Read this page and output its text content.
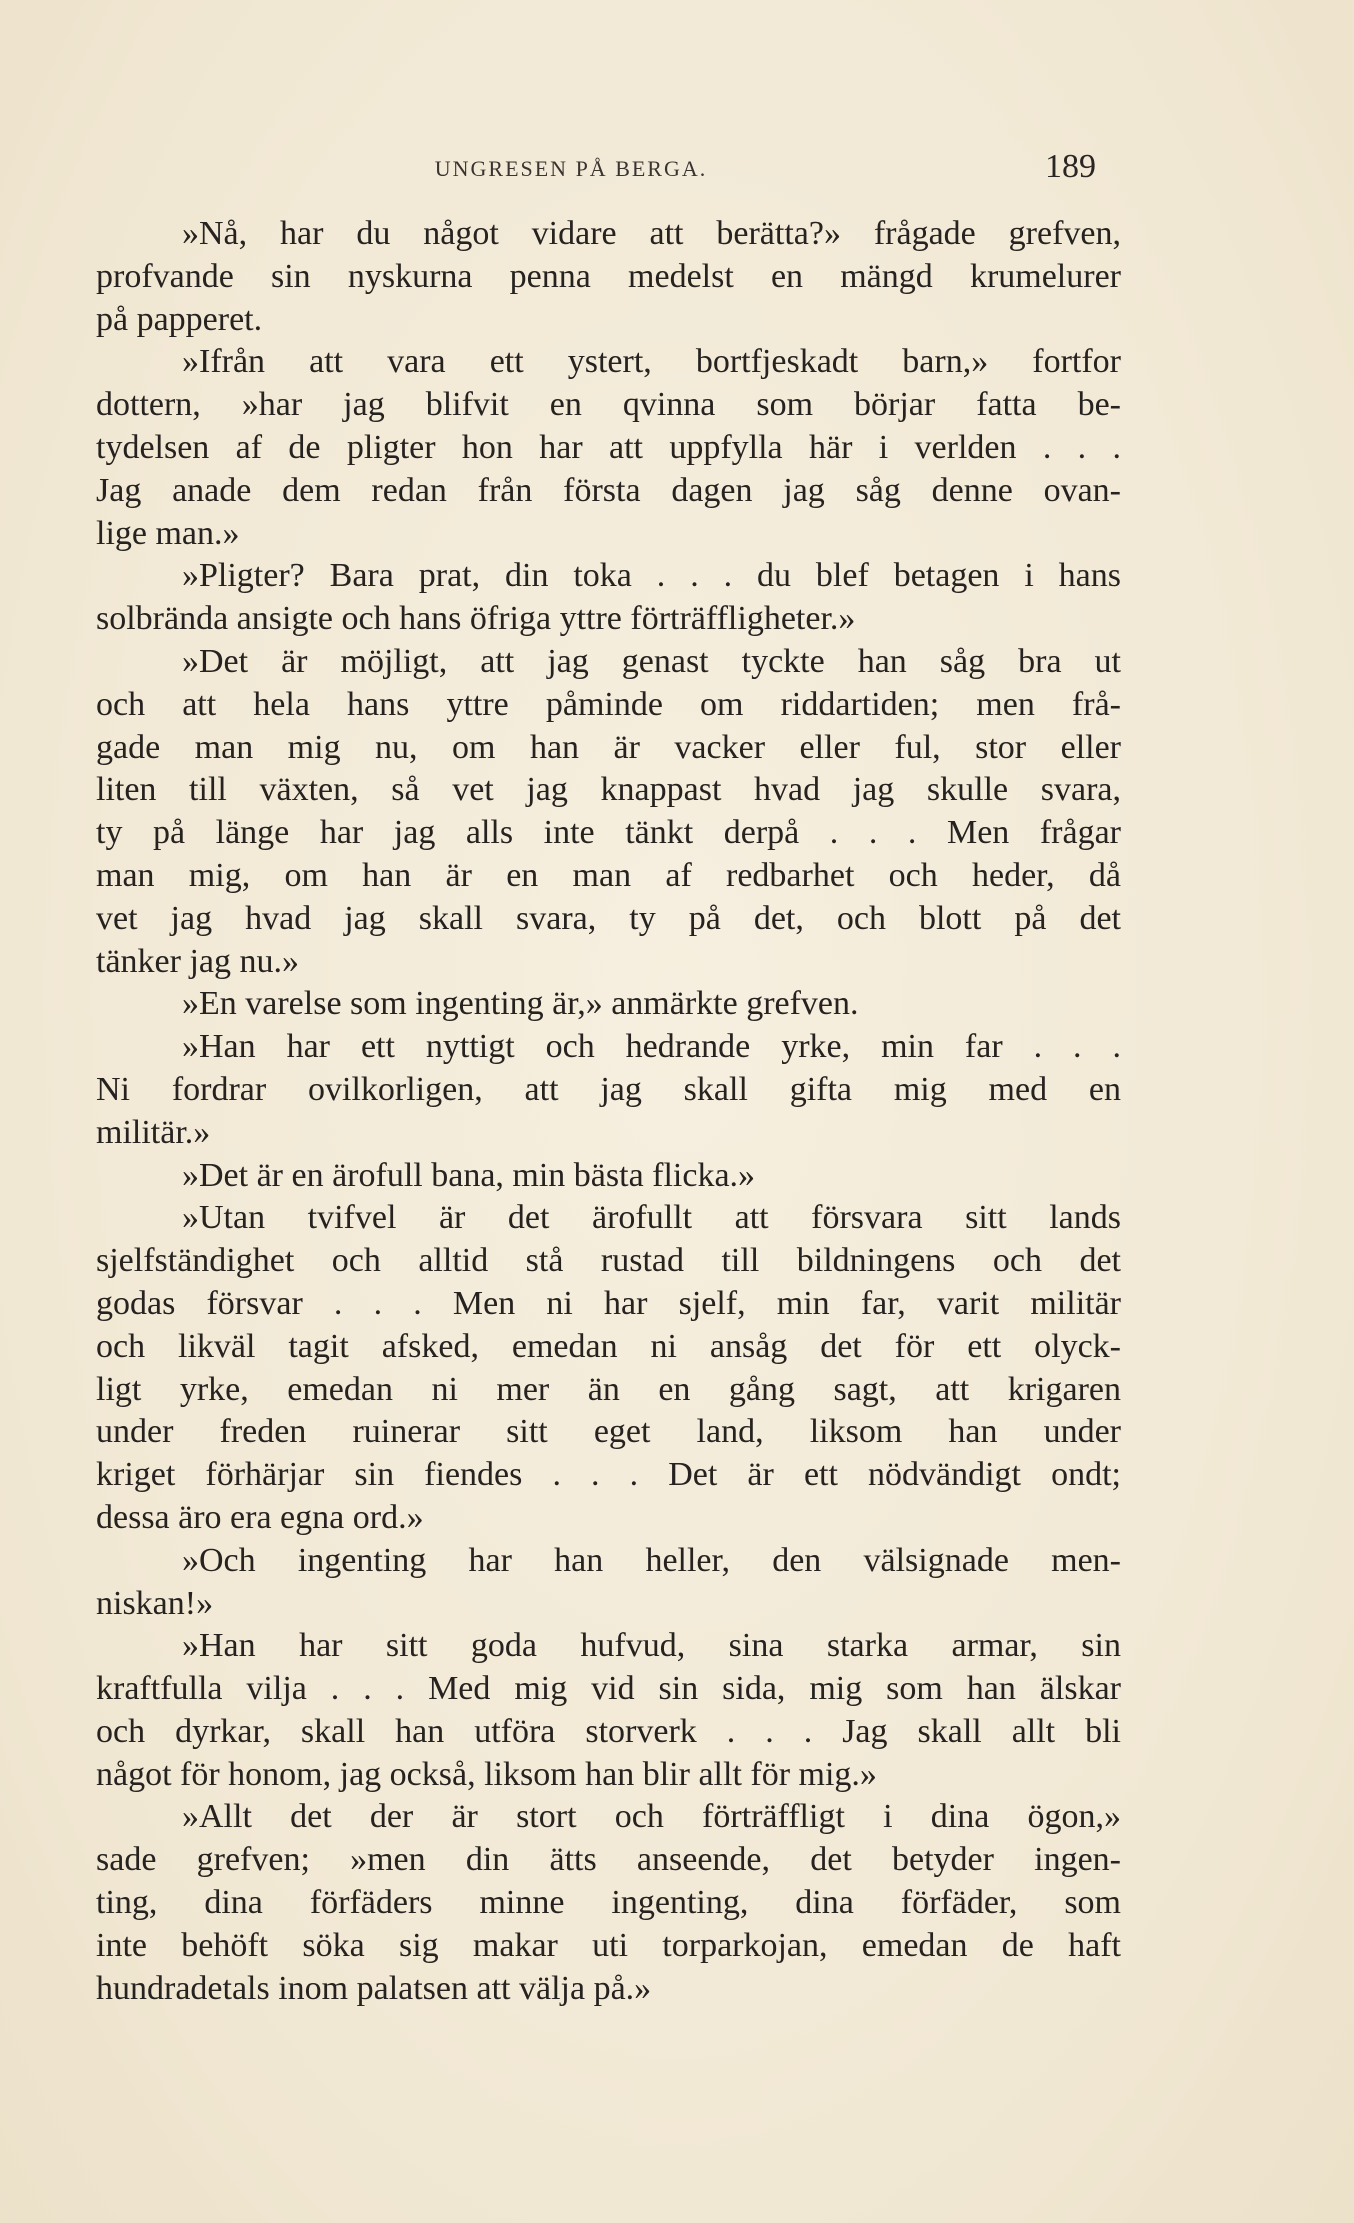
UNGRESEN PÅ BERGA.	189
»Nå, har du något vidare att berätta?» frågade grefven,
profvande sin nyskurna penna medelst en mängd krumelurer
på papperet.
»Ifrån att vara ett ystert, bortfjeskadt barn,» fortfor
dottern, »har jag blifvit en qvinna som börjar fatta be-
tydelsen af de pligter hon har att uppfylla här i verlden . . .
Jag anade dem redan från första dagen jag såg denne ovan-
lige man.»
»Pligter? Bara prat, din toka . . . du blef betagen i hans
solbrända ansigte och hans öfriga yttre förträffligheter.»
»Det är möjligt, att jag genast tyckte han såg bra ut
och att hela hans yttre påminde om riddartiden; men frå-
gade man mig nu, om han är vacker eller ful, stor eller
liten till växten, så vet jag knappast hvad jag skulle svara,
ty på länge har jag alls inte tänkt derpå . . . Men frågar
man mig, om han är en man af redbarhet och heder, då
vet jag hvad jag skall svara, ty på det, och blott på det
tänker jag nu.»
»En varelse som ingenting är,» anmärkte grefven.
»Han har ett nyttigt och hedrande yrke, min far . . .
Ni fordrar ovilkorligen, att jag skall gifta mig med en
militär.»
»Det är en ärofull bana, min bästa flicka.»
»Utan tvifvel är det ärofullt att försvara sitt lands
sjelfständighet och alltid stå rustad till bildningens och det
godas försvar . . . Men ni har sjelf, min far, varit militär
och likväl tagit afsked, emedan ni ansåg det för ett olyck-
ligt yrke, emedan ni mer än en gång sagt, att krigaren
under freden ruinerar sitt eget land, liksom han under
kriget förhärjar sin fiendes . . . Det är ett nödvändigt ondt;
dessa äro era egna ord.»
»Och ingenting har han heller, den välsignade men-
niskan!»
»Han har sitt goda hufvud, sina starka armar, sin
kraftfulla vilja . . . Med mig vid sin sida, mig som han älskar
och dyrkar, skall han utföra storverk . . . Jag skall allt bli
något för honom, jag också, liksom han blir allt för mig.»
»Allt det der är stort och förträffligt i dina ögon,»
sade grefven; »men din ätts anseende, det betyder ingen-
ting, dina förfäders minne ingenting, dina förfäder, som
inte behöft söka sig makar uti torparkojan, emedan de haft
hundradetals inom palatsen att välja på.»
